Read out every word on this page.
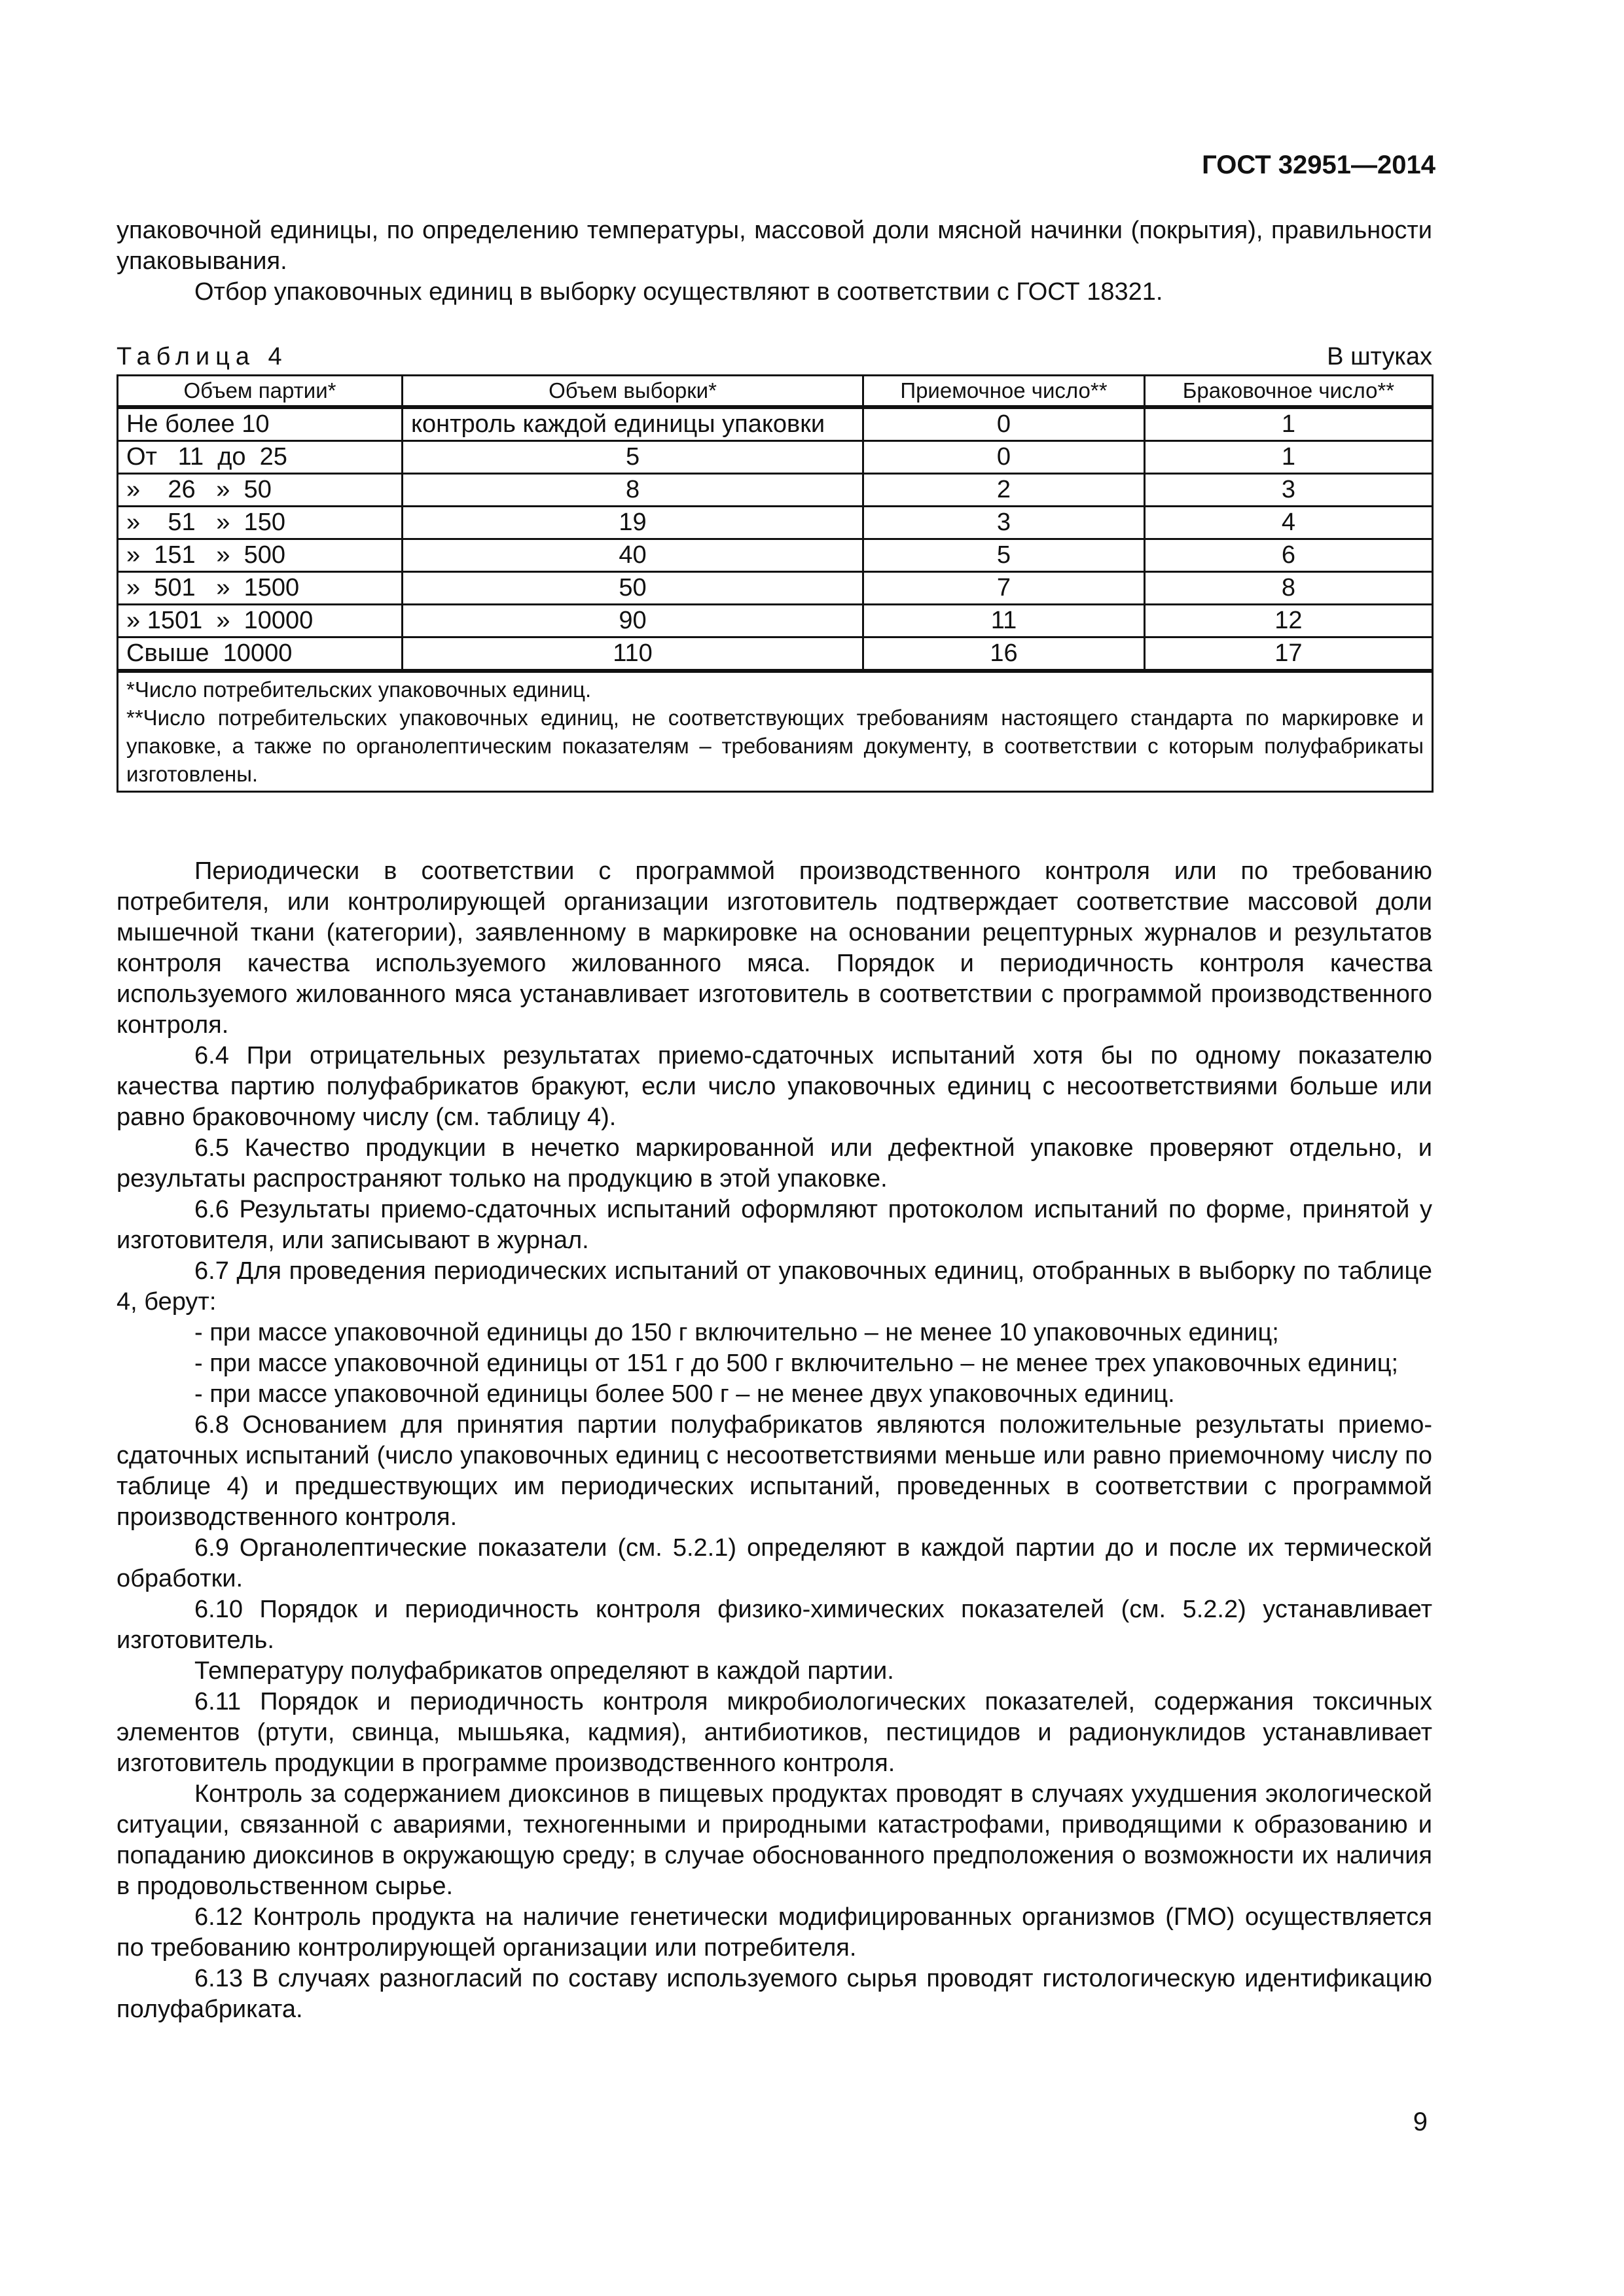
ГОСТ 32951—2014

упаковочной единицы, по определению температуры, массовой доли мясной начинки (покрытия), правильности упаковывания.

Отбор упаковочных единиц в выборку осуществляют в соответствии с ГОСТ 18321.

Таблица 4	В штуках
Объем партии*	Объем выборки*	Приемочное число**	Браковочное число**
Не более 10	контроль каждой единицы упаковки	0	1
От   11  до  25	5	0	1
»    26   »  50	8	2	3
»    51   »  150	19	3	4
»  151   »  500	40	5	6
»  501   »  1500	50	7	8
» 1501  »  10000	90	11	12
Свыше  10000	110	16	17

*Число потребительских упаковочных единиц.

**Число потребительских упаковочных единиц, не соответствующих требованиям настоящего стандарта по маркировке и упаковке, а также по органолептическим показателям – требованиям документу, в соответствии с которым полуфабрикаты изготовлены.			

Периодически в соответствии с программой производственного контроля или по требованию потребителя, или контролирующей организации изготовитель подтверждает соответствие массовой доли мышечной ткани (категории), заявленному в маркировке на основании рецептурных журналов и результатов контроля качества используемого жилованного мяса. Порядок и периодичность контроля качества используемого жилованного мяса устанавливает изготовитель в соответствии с программой производственного контроля.

6.4 При отрицательных результатах приемо-сдаточных испытаний хотя бы по одному показателю качества партию полуфабрикатов бракуют, если число упаковочных единиц с несоответствиями больше или равно браковочному числу (см. таблицу 4).

6.5 Качество продукции в нечетко маркированной или дефектной упаковке проверяют отдельно, и результаты распространяют только на продукцию в этой упаковке.

6.6 Результаты приемо-сдаточных испытаний оформляют протоколом испытаний по форме, принятой у изготовителя, или записывают в журнал.

6.7 Для проведения периодических испытаний от упаковочных единиц, отобранных в выборку по таблице 4, берут:

- при массе упаковочной единицы до 150 г включительно – не менее 10 упаковочных единиц;

- при массе упаковочной единицы от 151 г до 500 г включительно – не менее трех упаковочных единиц;

- при массе упаковочной единицы более 500 г – не менее двух упаковочных единиц.

6.8 Основанием для принятия партии полуфабрикатов являются положительные результаты приемо-сдаточных испытаний (число упаковочных единиц с несоответствиями меньше или равно приемочному числу по таблице 4) и предшествующих им периодических испытаний, проведенных в соответствии с программой производственного контроля.

6.9 Органолептические показатели (см. 5.2.1) определяют в каждой партии до и после их термической обработки.

6.10 Порядок и периодичность контроля физико-химических показателей (см. 5.2.2) устанавливает изготовитель.

Температуру полуфабрикатов определяют в каждой партии.

6.11 Порядок и периодичность контроля микробиологических показателей, содержания токсичных элементов (ртути, свинца, мышьяка, кадмия), антибиотиков, пестицидов и радионуклидов устанавливает изготовитель продукции в программе производственного контроля.

Контроль за содержанием диоксинов в пищевых продуктах проводят в случаях ухудшения экологической ситуации, связанной с авариями, техногенными и природными катастрофами, приводящими к образованию и попаданию диоксинов в окружающую среду; в случае обоснованного предположения о возможности их наличия в продовольственном сырье.

6.12 Контроль продукта на наличие генетически модифицированных организмов (ГМО) осуществляется по требованию контролирующей организации или потребителя.

6.13 В случаях разногласий по составу используемого сырья проводят гистологическую идентификацию полуфабриката.

9
